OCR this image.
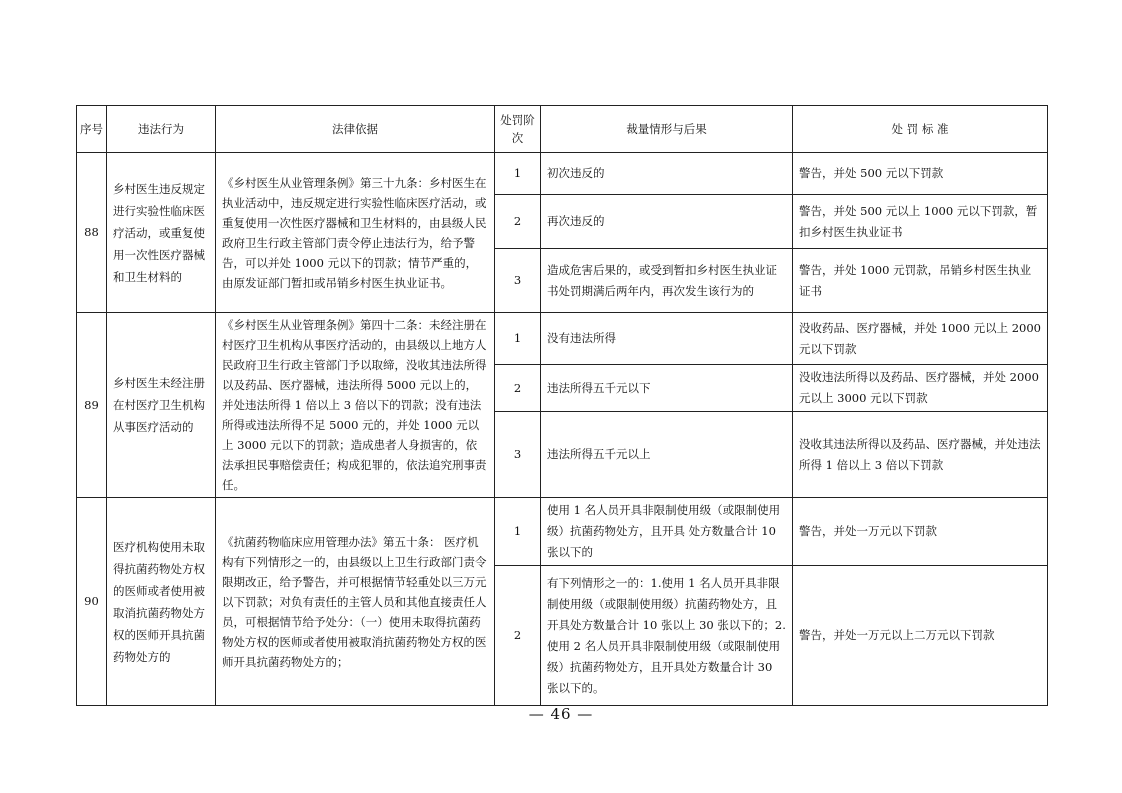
序号	违法行为	法律依据	处罚阶次	裁量情形与后果	处 罚 标 准
88	乡村医生违反规定进行实验性临床医疗活动，或重复使用一次性医疗器械和卫生材料的	《乡村医生从业管理条例》第三十九条：乡村医生在执业活动中，违反规定进行实验性临床医疗活动，或重复使用一次性医疗器械和卫生材料的，由县级人民政府卫生行政主管部门责令停止违法行为，给予警告，可以并处 1000 元以下的罚款；情节严重的，由原发证部门暂扣或吊销乡村医生执业证书。	1	初次违反的	警告，并处 500 元以下罚款
			2	再次违反的	警告，并处 500 元以上 1000 元以下罚款，暂扣乡村医生执业证书
			3	造成危害后果的，或受到暂扣乡村医生执业证书处罚期满后两年内，再次发生该行为的	警告，并处 1000 元罚款，吊销乡村医生执业证书
89	乡村医生未经注册在村医疗卫生机构从事医疗活动的	《乡村医生从业管理条例》第四十二条：未经注册在村医疗卫生机构从事医疗活动的，由县级以上地方人民政府卫生行政主管部门予以取缔，没收其违法所得以及药品、医疗器械，违法所得 5000 元以上的，并处违法所得 1 倍以上 3 倍以下的罚款；没有违法所得或违法所得不足 5000 元的，并处 1000 元以上 3000 元以下的罚款；造成患者人身损害的，依法承担民事赔偿责任；构成犯罪的，依法追究刑事责任。	1	没有违法所得	没收药品、医疗器械，并处 1000 元以上 2000 元以下罚款
			2	违法所得五千元以下	没收违法所得以及药品、医疗器械，并处 2000 元以上 3000 元以下罚款
			3	违法所得五千元以上	没收其违法所得以及药品、医疗器械，并处违法所得 1 倍以上 3 倍以下罚款
90	医疗机构使用未取得抗菌药物处方权的医师或者使用被取消抗菌药物处方权的医师开具抗菌药物处方的	《抗菌药物临床应用管理办法》第五十条： 医疗机构有下列情形之一的，由县级以上卫生行政部门责令限期改正，给予警告，并可根据情节轻重处以三万元以下罚款；对负有责任的主管人员和其他直接责任人员，可根据情节给予处分：（一）使用未取得抗菌药物处方权的医师或者使用被取消抗菌药物处方权的医师开具抗菌药物处方的；	1	使用 1 名人员开具非限制使用级（或限制使用级）抗菌药物处方，且开具 处方数量合计 10 张以下的	警告，并处一万元以下罚款
			2	有下列情形之一的：1.使用 1 名人员开具非限制使用级（或限制使用级）抗菌药物处方，且开具处方数量合计 10 张以上 30 张以下的；2.使用 2 名人员开具非限制使用级（或限制使用级）抗菌药物处方，且开具处方数量合计 30 张以下的。	警告，并处一万元以上二万元以下罚款
— 46 —
